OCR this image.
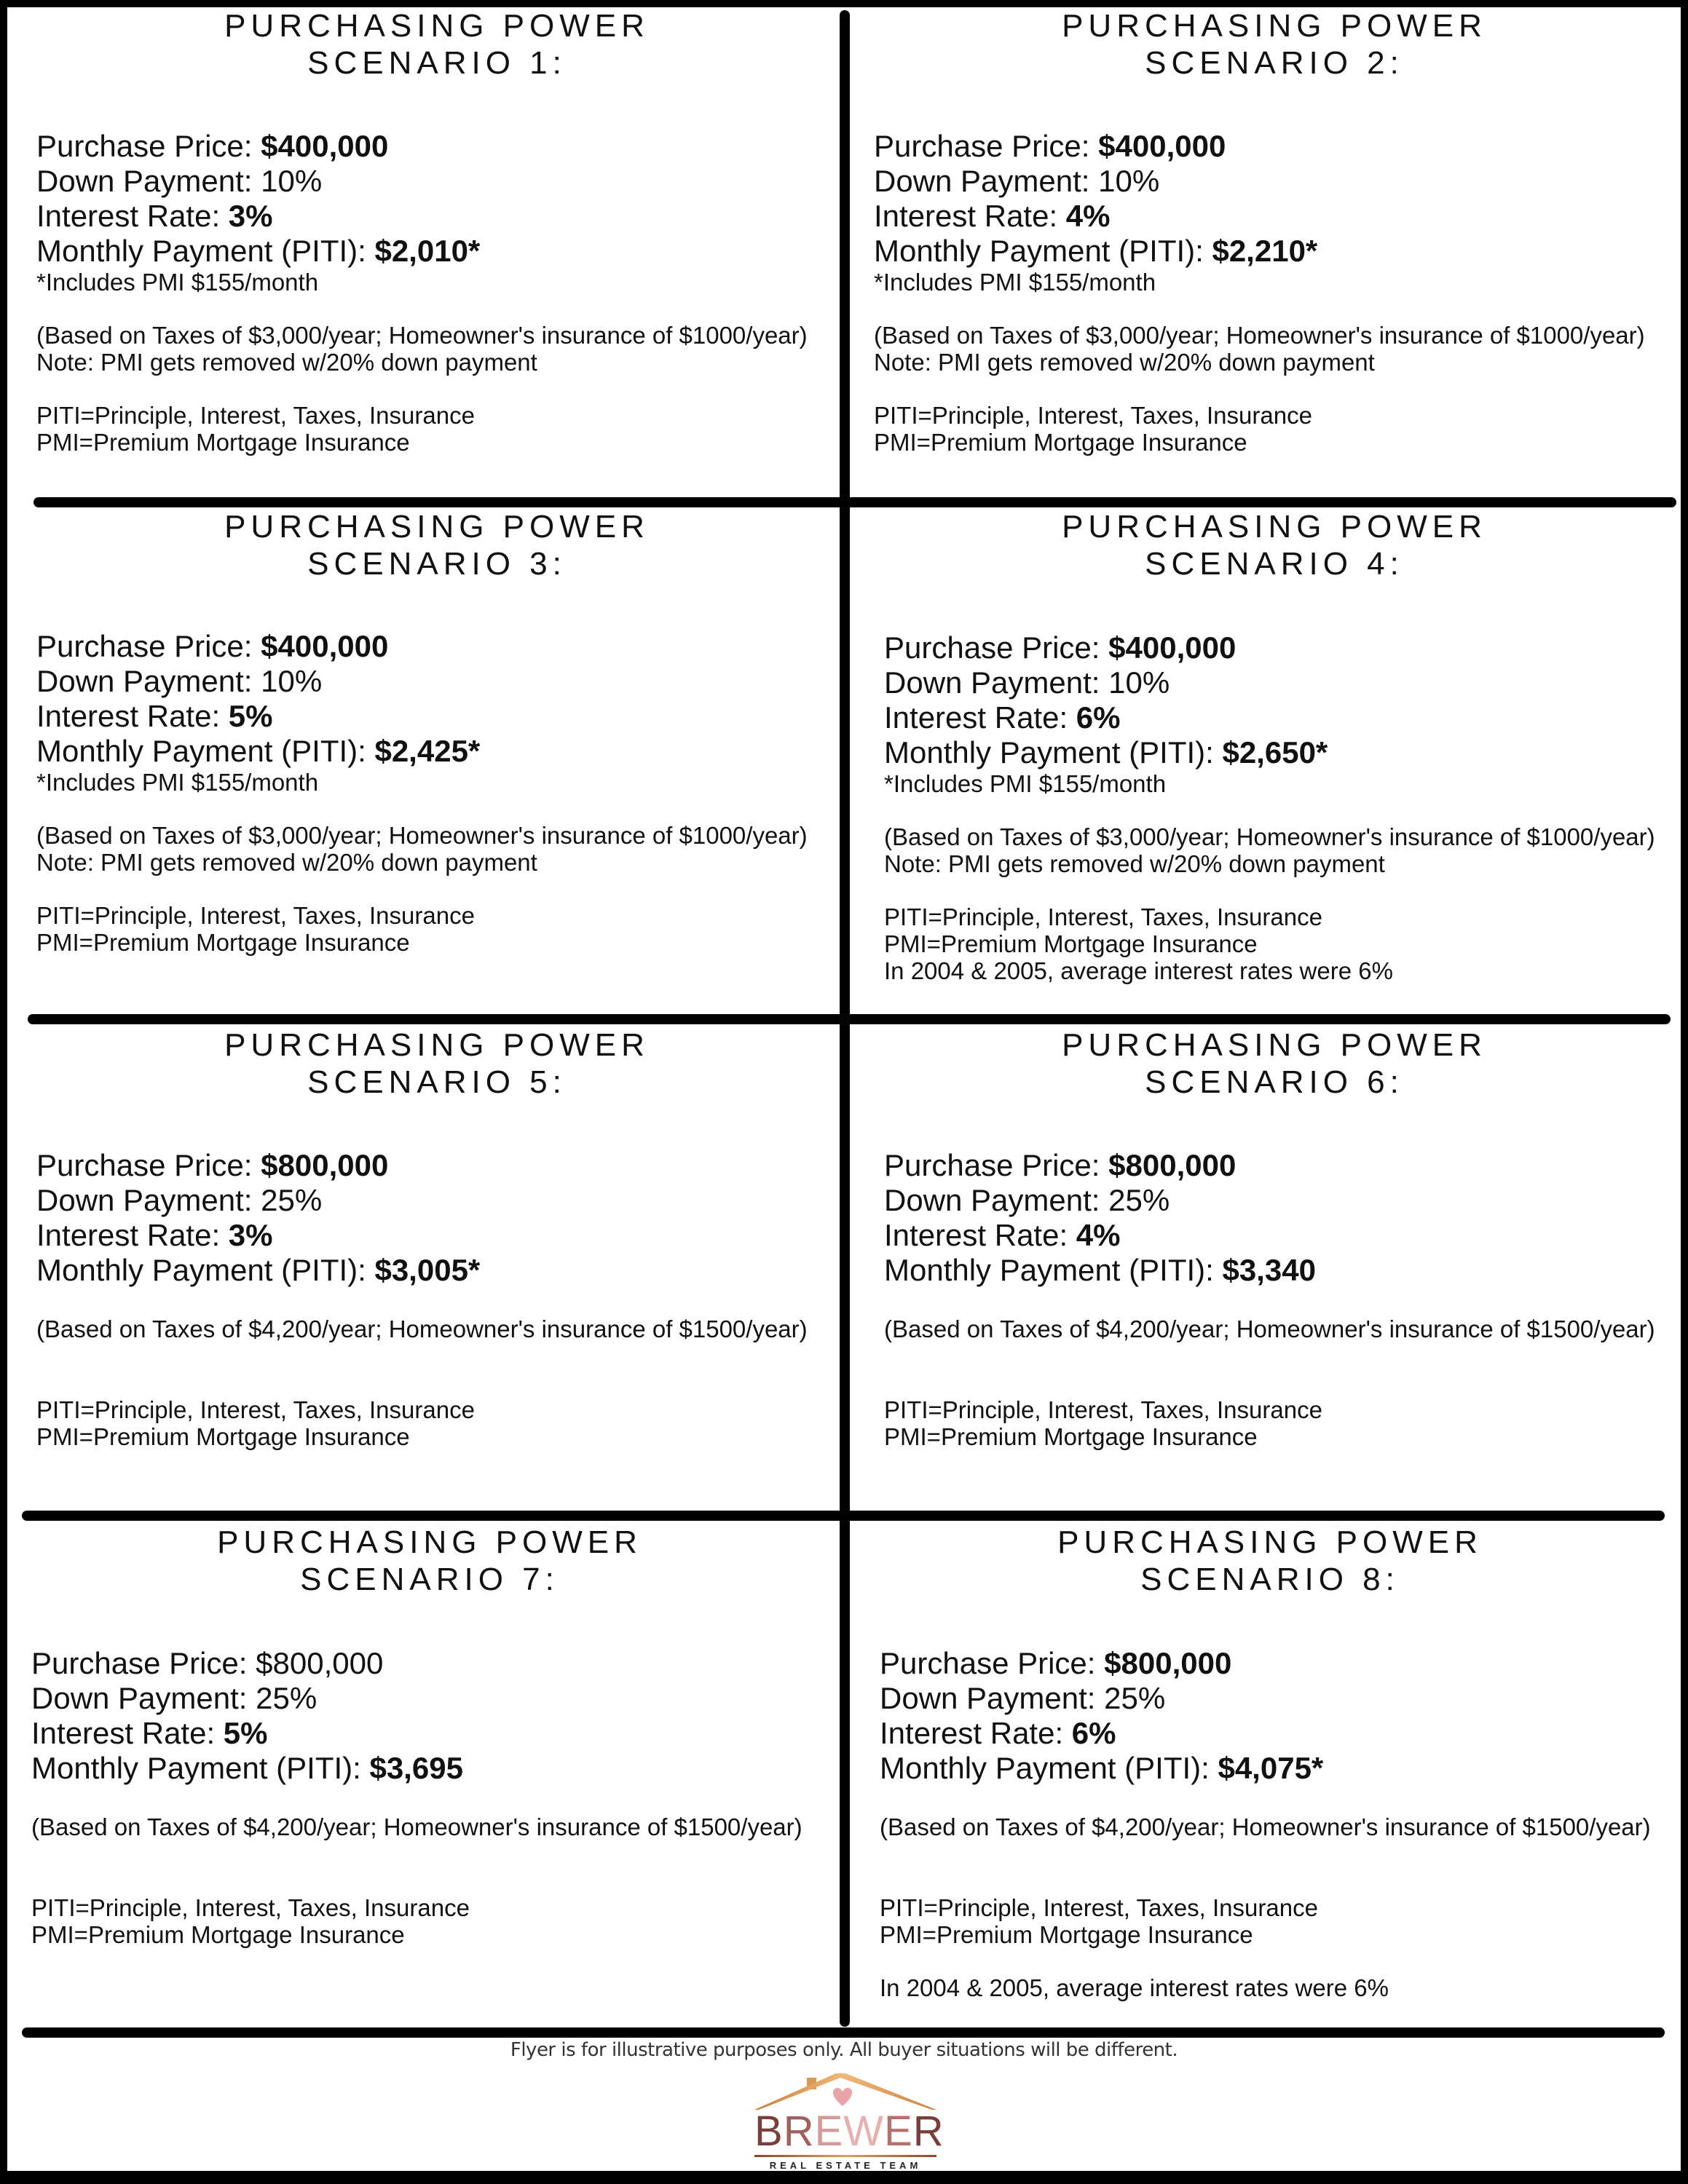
PURCHASING POWER
SCENARIO 1:
Purchase Price: $400,000
Down Payment: 10%
Interest Rate: 3%
Monthly Payment (PITI): $2,010*
*Includes PMI $155/month
(Based on Taxes of $3,000/year; Homeowner's insurance of $1000/year)
Note: PMI gets removed w/20% down payment
PITI=Principle, Interest, Taxes, Insurance
PMI=Premium Mortgage Insurance
PURCHASING POWER
SCENARIO 2:
Purchase Price: $400,000
Down Payment: 10%
Interest Rate: 4%
Monthly Payment (PITI): $2,210*
*Includes PMI $155/month
(Based on Taxes of $3,000/year; Homeowner's insurance of $1000/year)
Note: PMI gets removed w/20% down payment
PITI=Principle, Interest, Taxes, Insurance
PMI=Premium Mortgage Insurance
PURCHASING POWER
SCENARIO 3:
Purchase Price: $400,000
Down Payment: 10%
Interest Rate: 5%
Monthly Payment (PITI): $2,425*
*Includes PMI $155/month
(Based on Taxes of $3,000/year; Homeowner's insurance of $1000/year)
Note: PMI gets removed w/20% down payment
PITI=Principle, Interest, Taxes, Insurance
PMI=Premium Mortgage Insurance
PURCHASING POWER
SCENARIO 4:
Purchase Price: $400,000
Down Payment: 10%
Interest Rate: 6%
Monthly Payment (PITI): $2,650*
*Includes PMI $155/month
(Based on Taxes of $3,000/year; Homeowner's insurance of $1000/year)
Note: PMI gets removed w/20% down payment
PITI=Principle, Interest, Taxes, Insurance
PMI=Premium Mortgage Insurance
In 2004 & 2005, average interest rates were 6%
PURCHASING POWER
SCENARIO 5:
Purchase Price: $800,000
Down Payment: 25%
Interest Rate: 3%
Monthly Payment (PITI): $3,005*
(Based on Taxes of $4,200/year; Homeowner's insurance of $1500/year)
PITI=Principle, Interest, Taxes, Insurance
PMI=Premium Mortgage Insurance
PURCHASING POWER
SCENARIO 6:
Purchase Price: $800,000
Down Payment: 25%
Interest Rate: 4%
Monthly Payment (PITI): $3,340
(Based on Taxes of $4,200/year; Homeowner's insurance of $1500/year)
PITI=Principle, Interest, Taxes, Insurance
PMI=Premium Mortgage Insurance
PURCHASING POWER
SCENARIO 7:
Purchase Price: $800,000
Down Payment: 25%
Interest Rate: 5%
Monthly Payment (PITI): $3,695
(Based on Taxes of $4,200/year; Homeowner's insurance of $1500/year)
PITI=Principle, Interest, Taxes, Insurance
PMI=Premium Mortgage Insurance
PURCHASING POWER
SCENARIO 8:
Purchase Price: $800,000
Down Payment: 25%
Interest Rate: 6%
Monthly Payment (PITI): $4,075*
(Based on Taxes of $4,200/year; Homeowner's insurance of $1500/year)
PITI=Principle, Interest, Taxes, Insurance
PMI=Premium Mortgage Insurance
In 2004 & 2005, average interest rates were 6%
Flyer is for illustrative purposes only. All buyer situations will be different.
BREWER
REAL ESTATE TEAM
